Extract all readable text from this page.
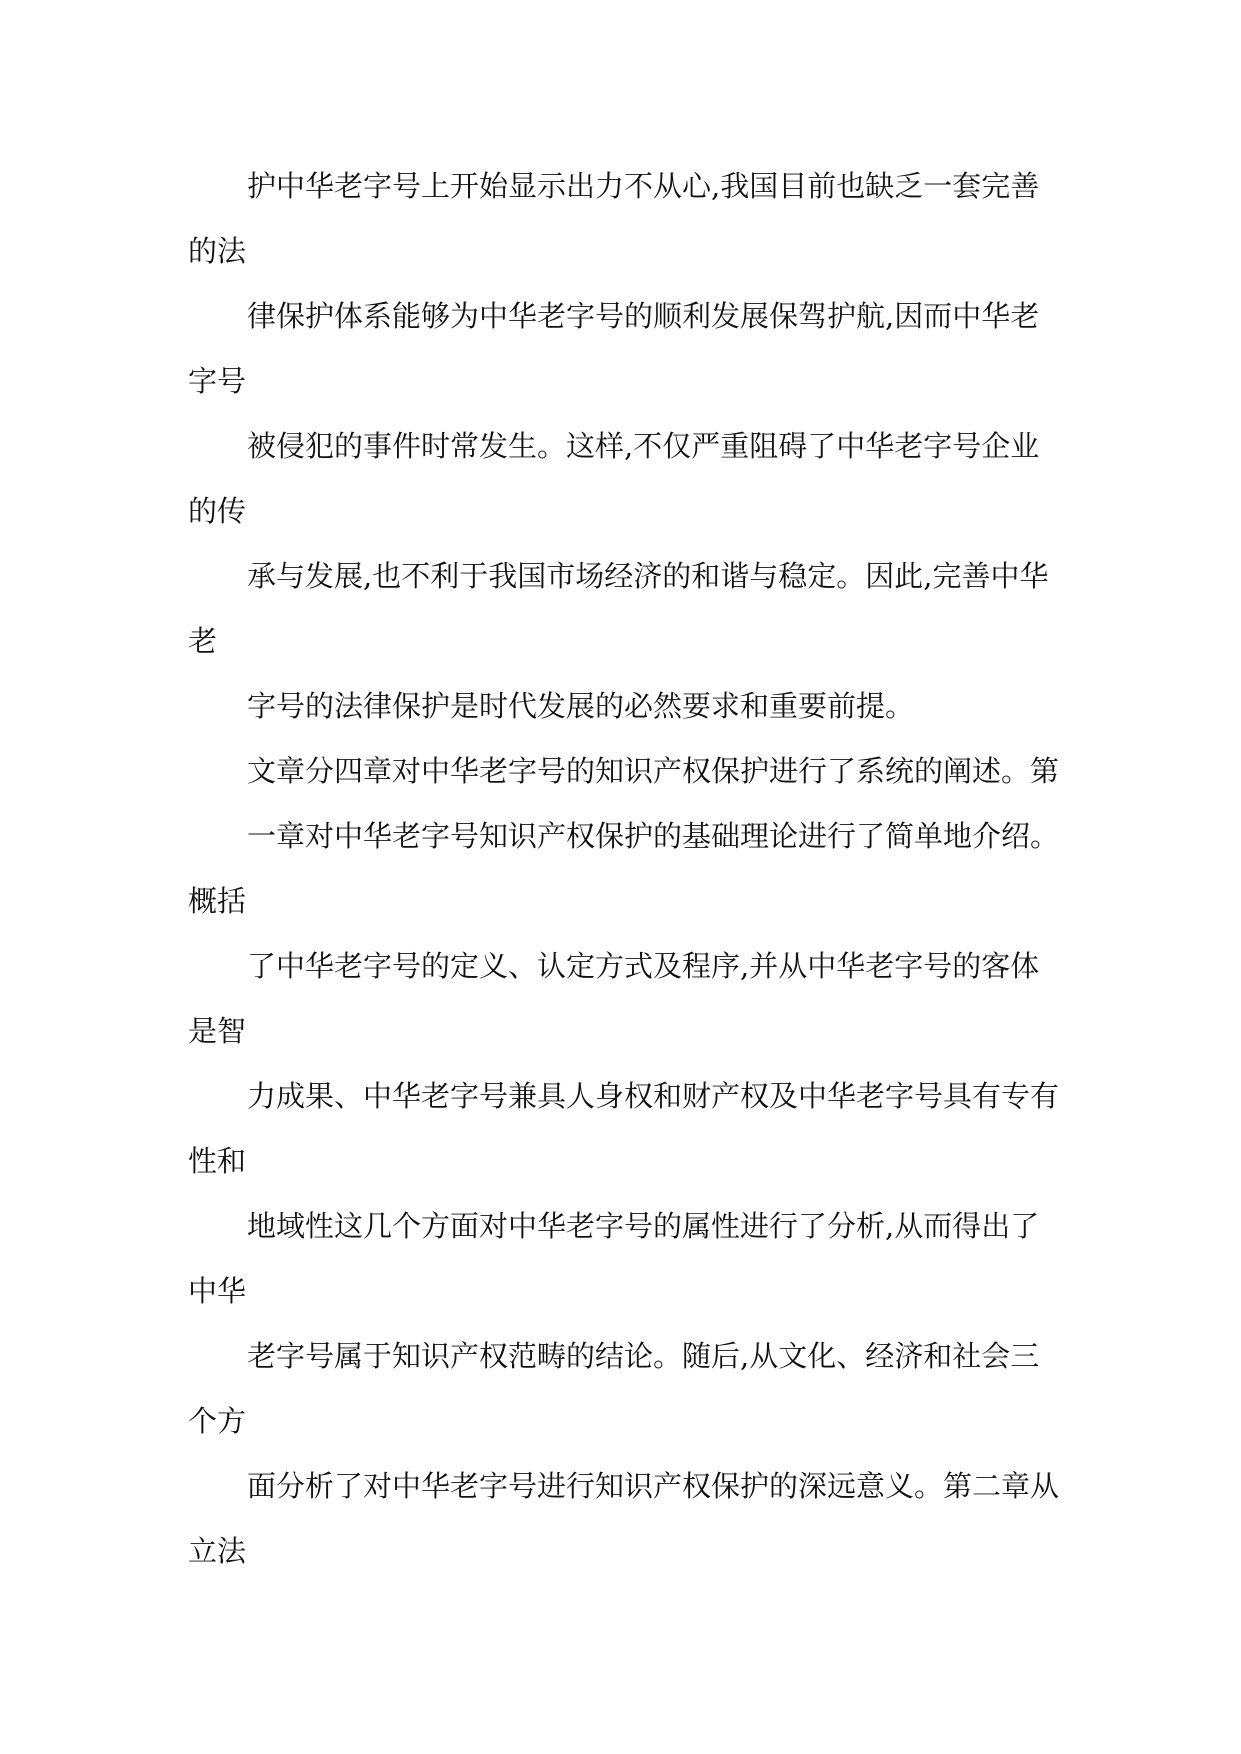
护中华老字号上开始显示出力不从心,我国目前也缺乏一套完善
的法
律保护体系能够为中华老字号的顺利发展保驾护航,因而中华老
字号
被侵犯的事件时常发生。这样,不仅严重阻碍了中华老字号企业
的传
承与发展,也不利于我国市场经济的和谐与稳定。因此,完善中华
老
字号的法律保护是时代发展的必然要求和重要前提。
文章分四章对中华老字号的知识产权保护进行了系统的阐述。第
一章对中华老字号知识产权保护的基础理论进行了简单地介绍。
概括
了中华老字号的定义、认定方式及程序,并从中华老字号的客体
是智
力成果、中华老字号兼具人身权和财产权及中华老字号具有专有
性和
地域性这几个方面对中华老字号的属性进行了分析,从而得出了
中华
老字号属于知识产权范畴的结论。随后,从文化、经济和社会三
个方
面分析了对中华老字号进行知识产权保护的深远意义。第二章从
立法
